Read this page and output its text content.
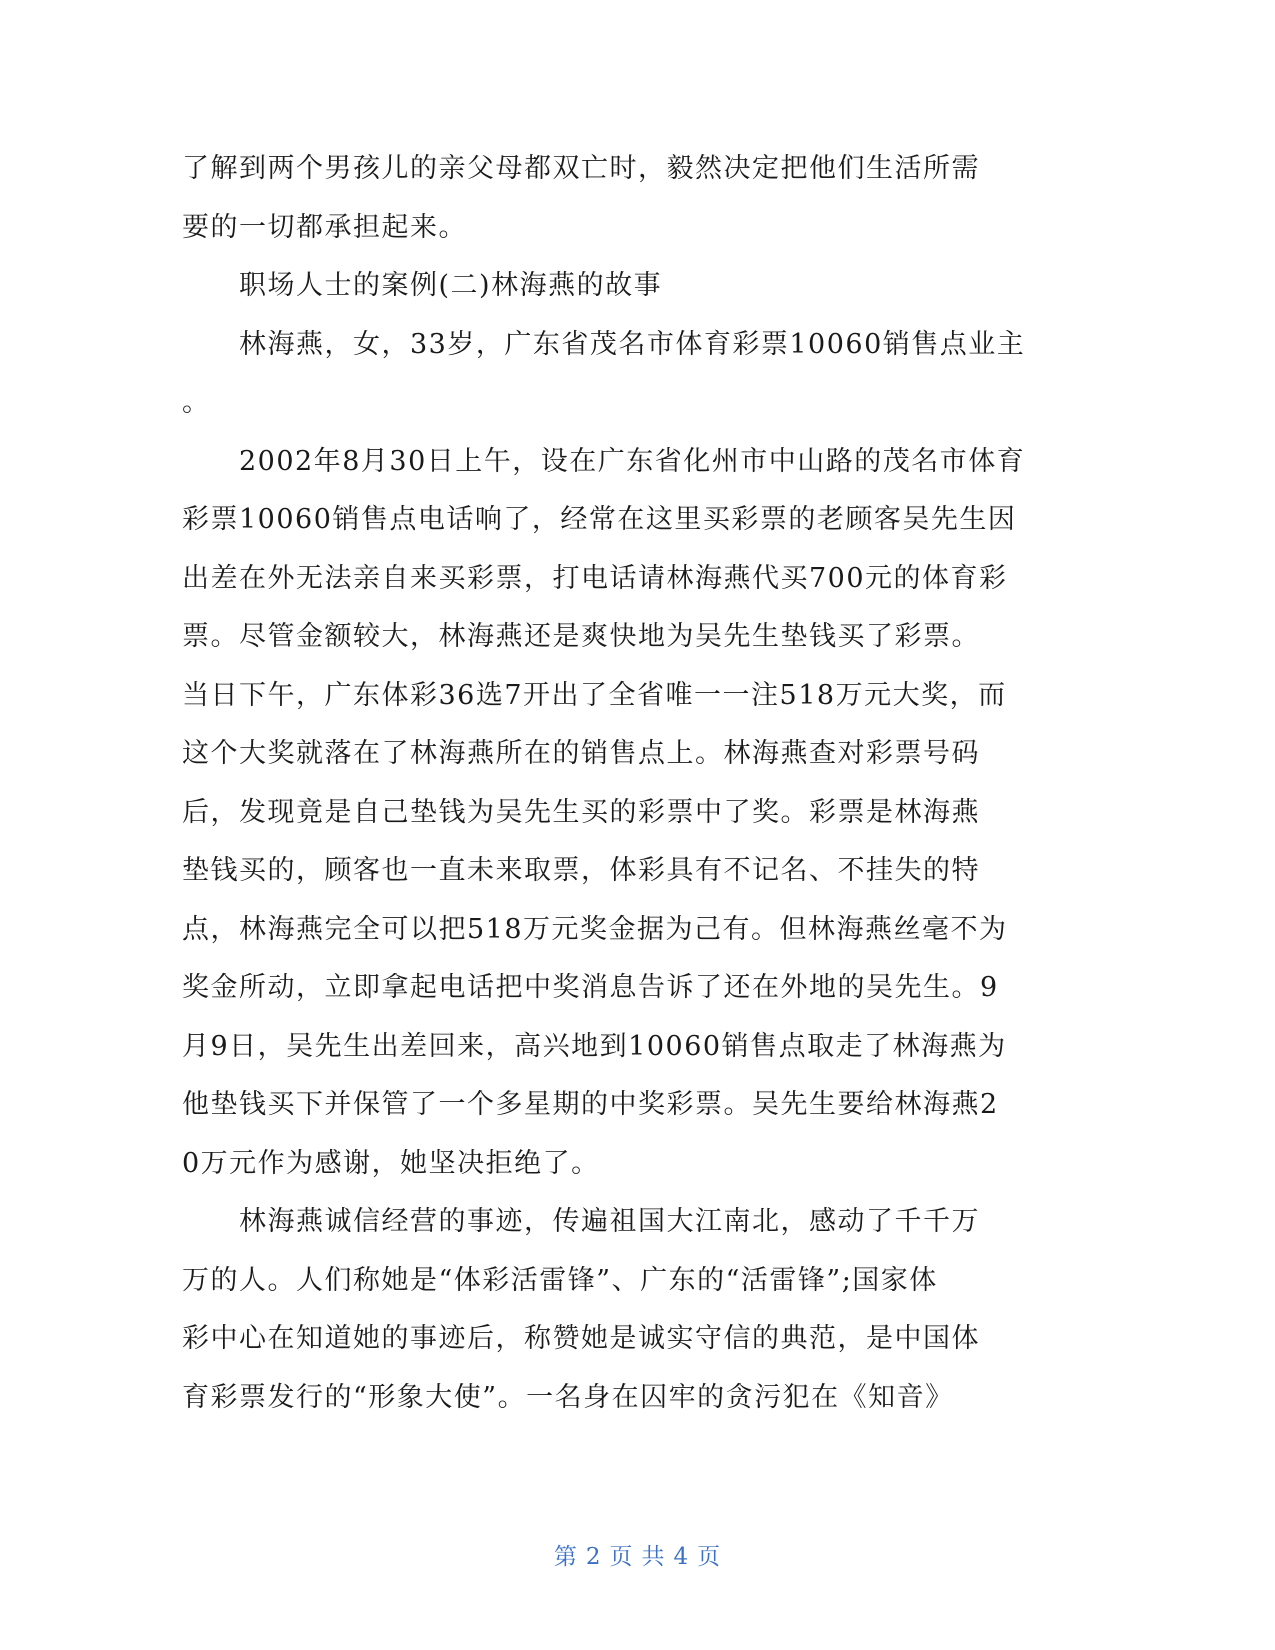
了解到两个男孩儿的亲父母都双亡时，毅然决定把他们生活所需
要的一切都承担起来。
职场人士的案例(二)林海燕的故事
林海燕，女，33岁，广东省茂名市体育彩票10060销售点业主
。
2002年8月30日上午，设在广东省化州市中山路的茂名市体育
彩票10060销售点电话响了，经常在这里买彩票的老顾客吴先生因
出差在外无法亲自来买彩票，打电话请林海燕代买700元的体育彩
票。尽管金额较大，林海燕还是爽快地为吴先生垫钱买了彩票。
当日下午，广东体彩36选7开出了全省唯一一注518万元大奖，而
这个大奖就落在了林海燕所在的销售点上。林海燕查对彩票号码
后，发现竟是自己垫钱为吴先生买的彩票中了奖。彩票是林海燕
垫钱买的，顾客也一直未来取票，体彩具有不记名、不挂失的特
点，林海燕完全可以把518万元奖金据为己有。但林海燕丝毫不为
奖金所动，立即拿起电话把中奖消息告诉了还在外地的吴先生。9
月9日，吴先生出差回来，高兴地到10060销售点取走了林海燕为
他垫钱买下并保管了一个多星期的中奖彩票。吴先生要给林海燕2
0万元作为感谢，她坚决拒绝了。
林海燕诚信经营的事迹，传遍祖国大江南北，感动了千千万
万的人。人们称她是“体彩活雷锋”、广东的“活雷锋”;国家体
彩中心在知道她的事迹后，称赞她是诚实守信的典范，是中国体
育彩票发行的“形象大使”。一名身在囚牢的贪污犯在《知音》
第 2 页 共 4 页
